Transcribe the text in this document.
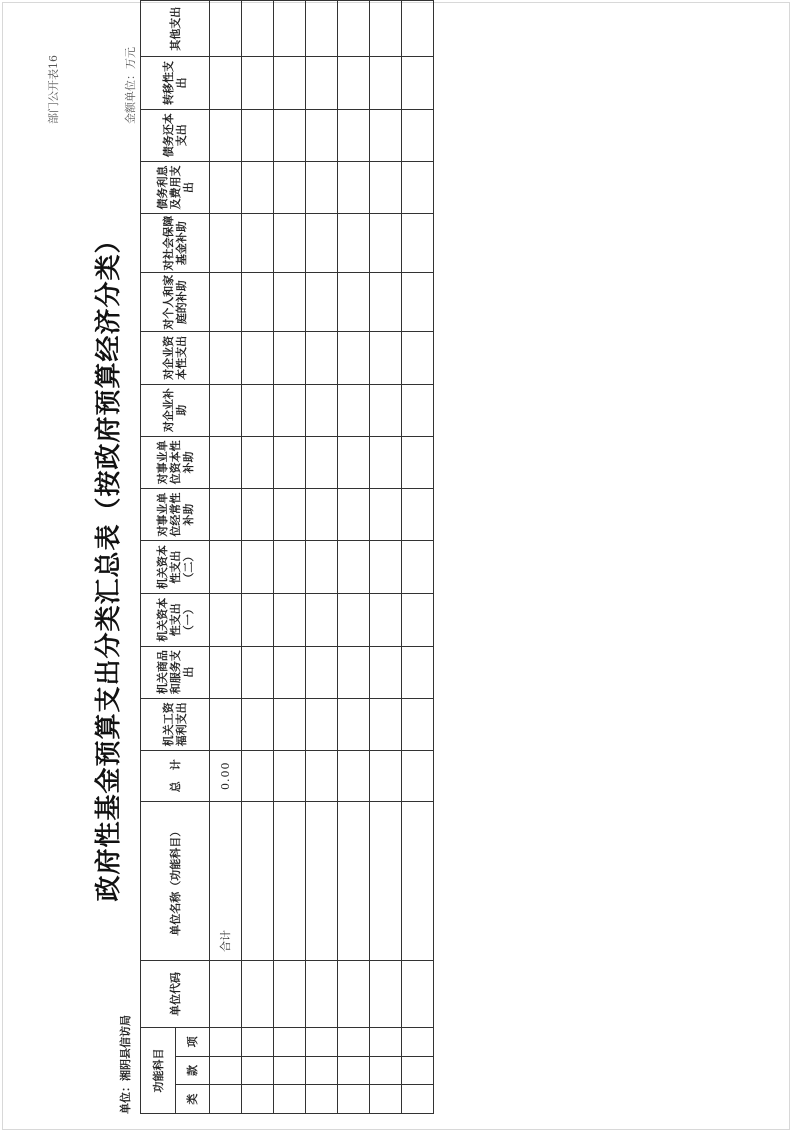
部门公开表16
政府性基金预算支出分类汇总表（按政府预算经济分类）
单位：湘阴县信访局
金额单位：万元
功能科目			单位代码	单位名称（功能科目）	总　计	机关工资福利支出	机关商品和服务支出	机关资本性支出（一）	机关资本性支出（二）	对事业单位经常性补助	对事业单位资本性补助	对企业补助	对企业资本性支出	对个人和家庭的补助	对社会保障基金补助	债务利息及费用支出	债务还本支出	转移性支出	其他支出
类	款	项																	
				合计	0.00														
